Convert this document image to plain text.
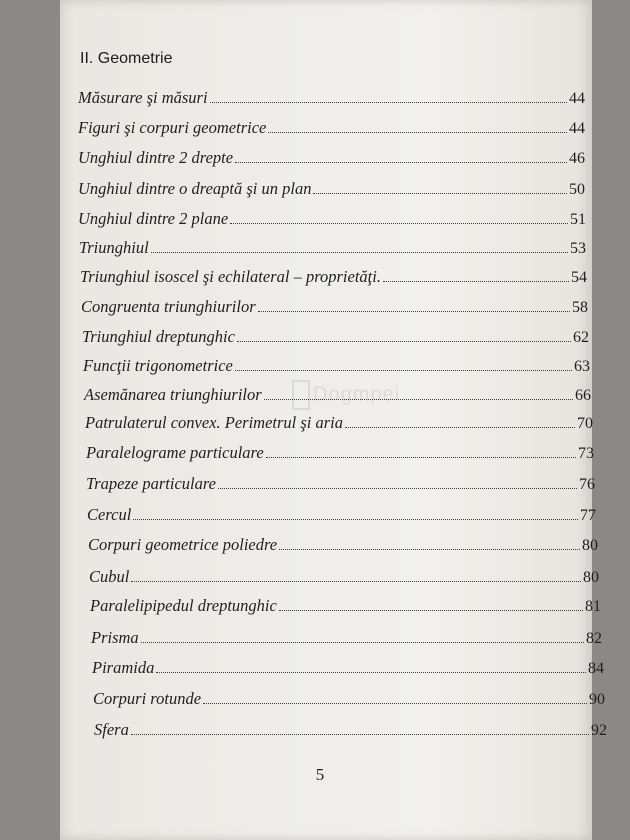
II. Geometrie
Dogmpei
Măsurare şi măsuri	44
Figuri şi corpuri geometrice	44
Unghiul dintre 2 drepte	46
Unghiul dintre o dreaptă şi un plan	50
Unghiul dintre 2 plane	51
Triunghiul	53
Triunghiul isoscel şi echilateral – proprietăţi.	54
Congruenta triunghiurilor	58
Triunghiul dreptunghic	62
Funcţii trigonometrice	63
Asemănarea triunghiurilor	66
Patrulaterul convex. Perimetrul şi aria	70
Paralelograme particulare	73
Trapeze particulare	76
Cercul	77
Corpuri geometrice poliedre	80
Cubul	80
Paralelipipedul dreptunghic	81
Prisma	82
Piramida	84
Corpuri rotunde	90
Sfera	92
5
